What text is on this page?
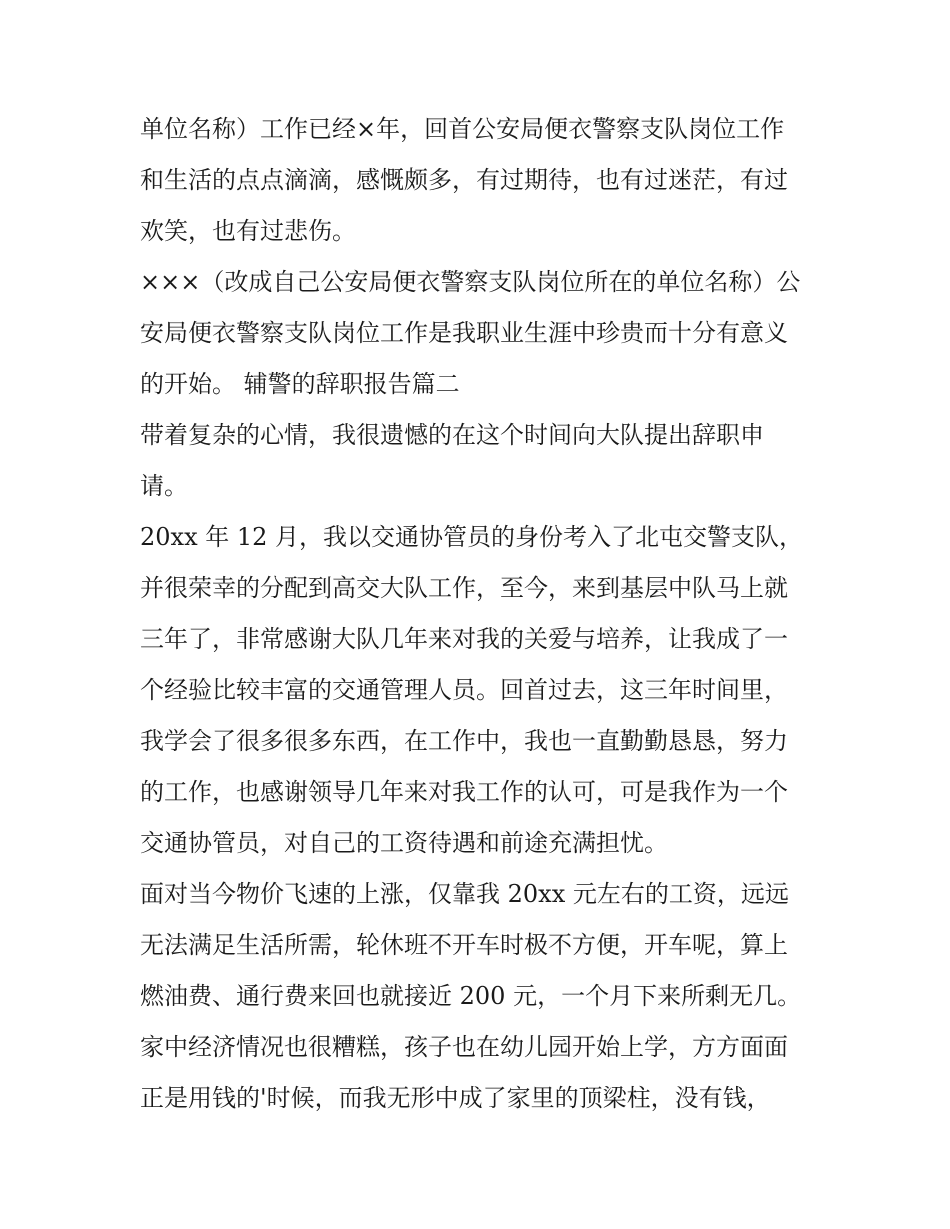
单位名称）工作已经×年，回首公安局便衣警察支队岗位工作
和生活的点点滴滴，感慨颇多，有过期待，也有过迷茫，有过
欢笑，也有过悲伤。
×××（改成自己公安局便衣警察支队岗位所在的单位名称）公
安局便衣警察支队岗位工作是我职业生涯中珍贵而十分有意义
的开始。 辅警的辞职报告篇二
带着复杂的心情，我很遗憾的在这个时间向大队提出辞职申
请。
20xx 年 12 月，我以交通协管员的身份考入了北屯交警支队，
并很荣幸的分配到高交大队工作，至今，来到基层中队马上就
三年了，非常感谢大队几年来对我的关爱与培养，让我成了一
个经验比较丰富的交通管理人员。回首过去，这三年时间里，
我学会了很多很多东西，在工作中，我也一直勤勤恳恳，努力
的工作，也感谢领导几年来对我工作的认可，可是我作为一个
交通协管员，对自己的工资待遇和前途充满担忧。
面对当今物价飞速的上涨，仅靠我 20xx 元左右的工资，远远
无法满足生活所需，轮休班不开车时极不方便，开车呢，算上
燃油费、通行费来回也就接近 200 元，一个月下来所剩无几。
家中经济情况也很糟糕，孩子也在幼儿园开始上学，方方面面
正是用钱的'时候，而我无形中成了家里的顶梁柱，没有钱，
